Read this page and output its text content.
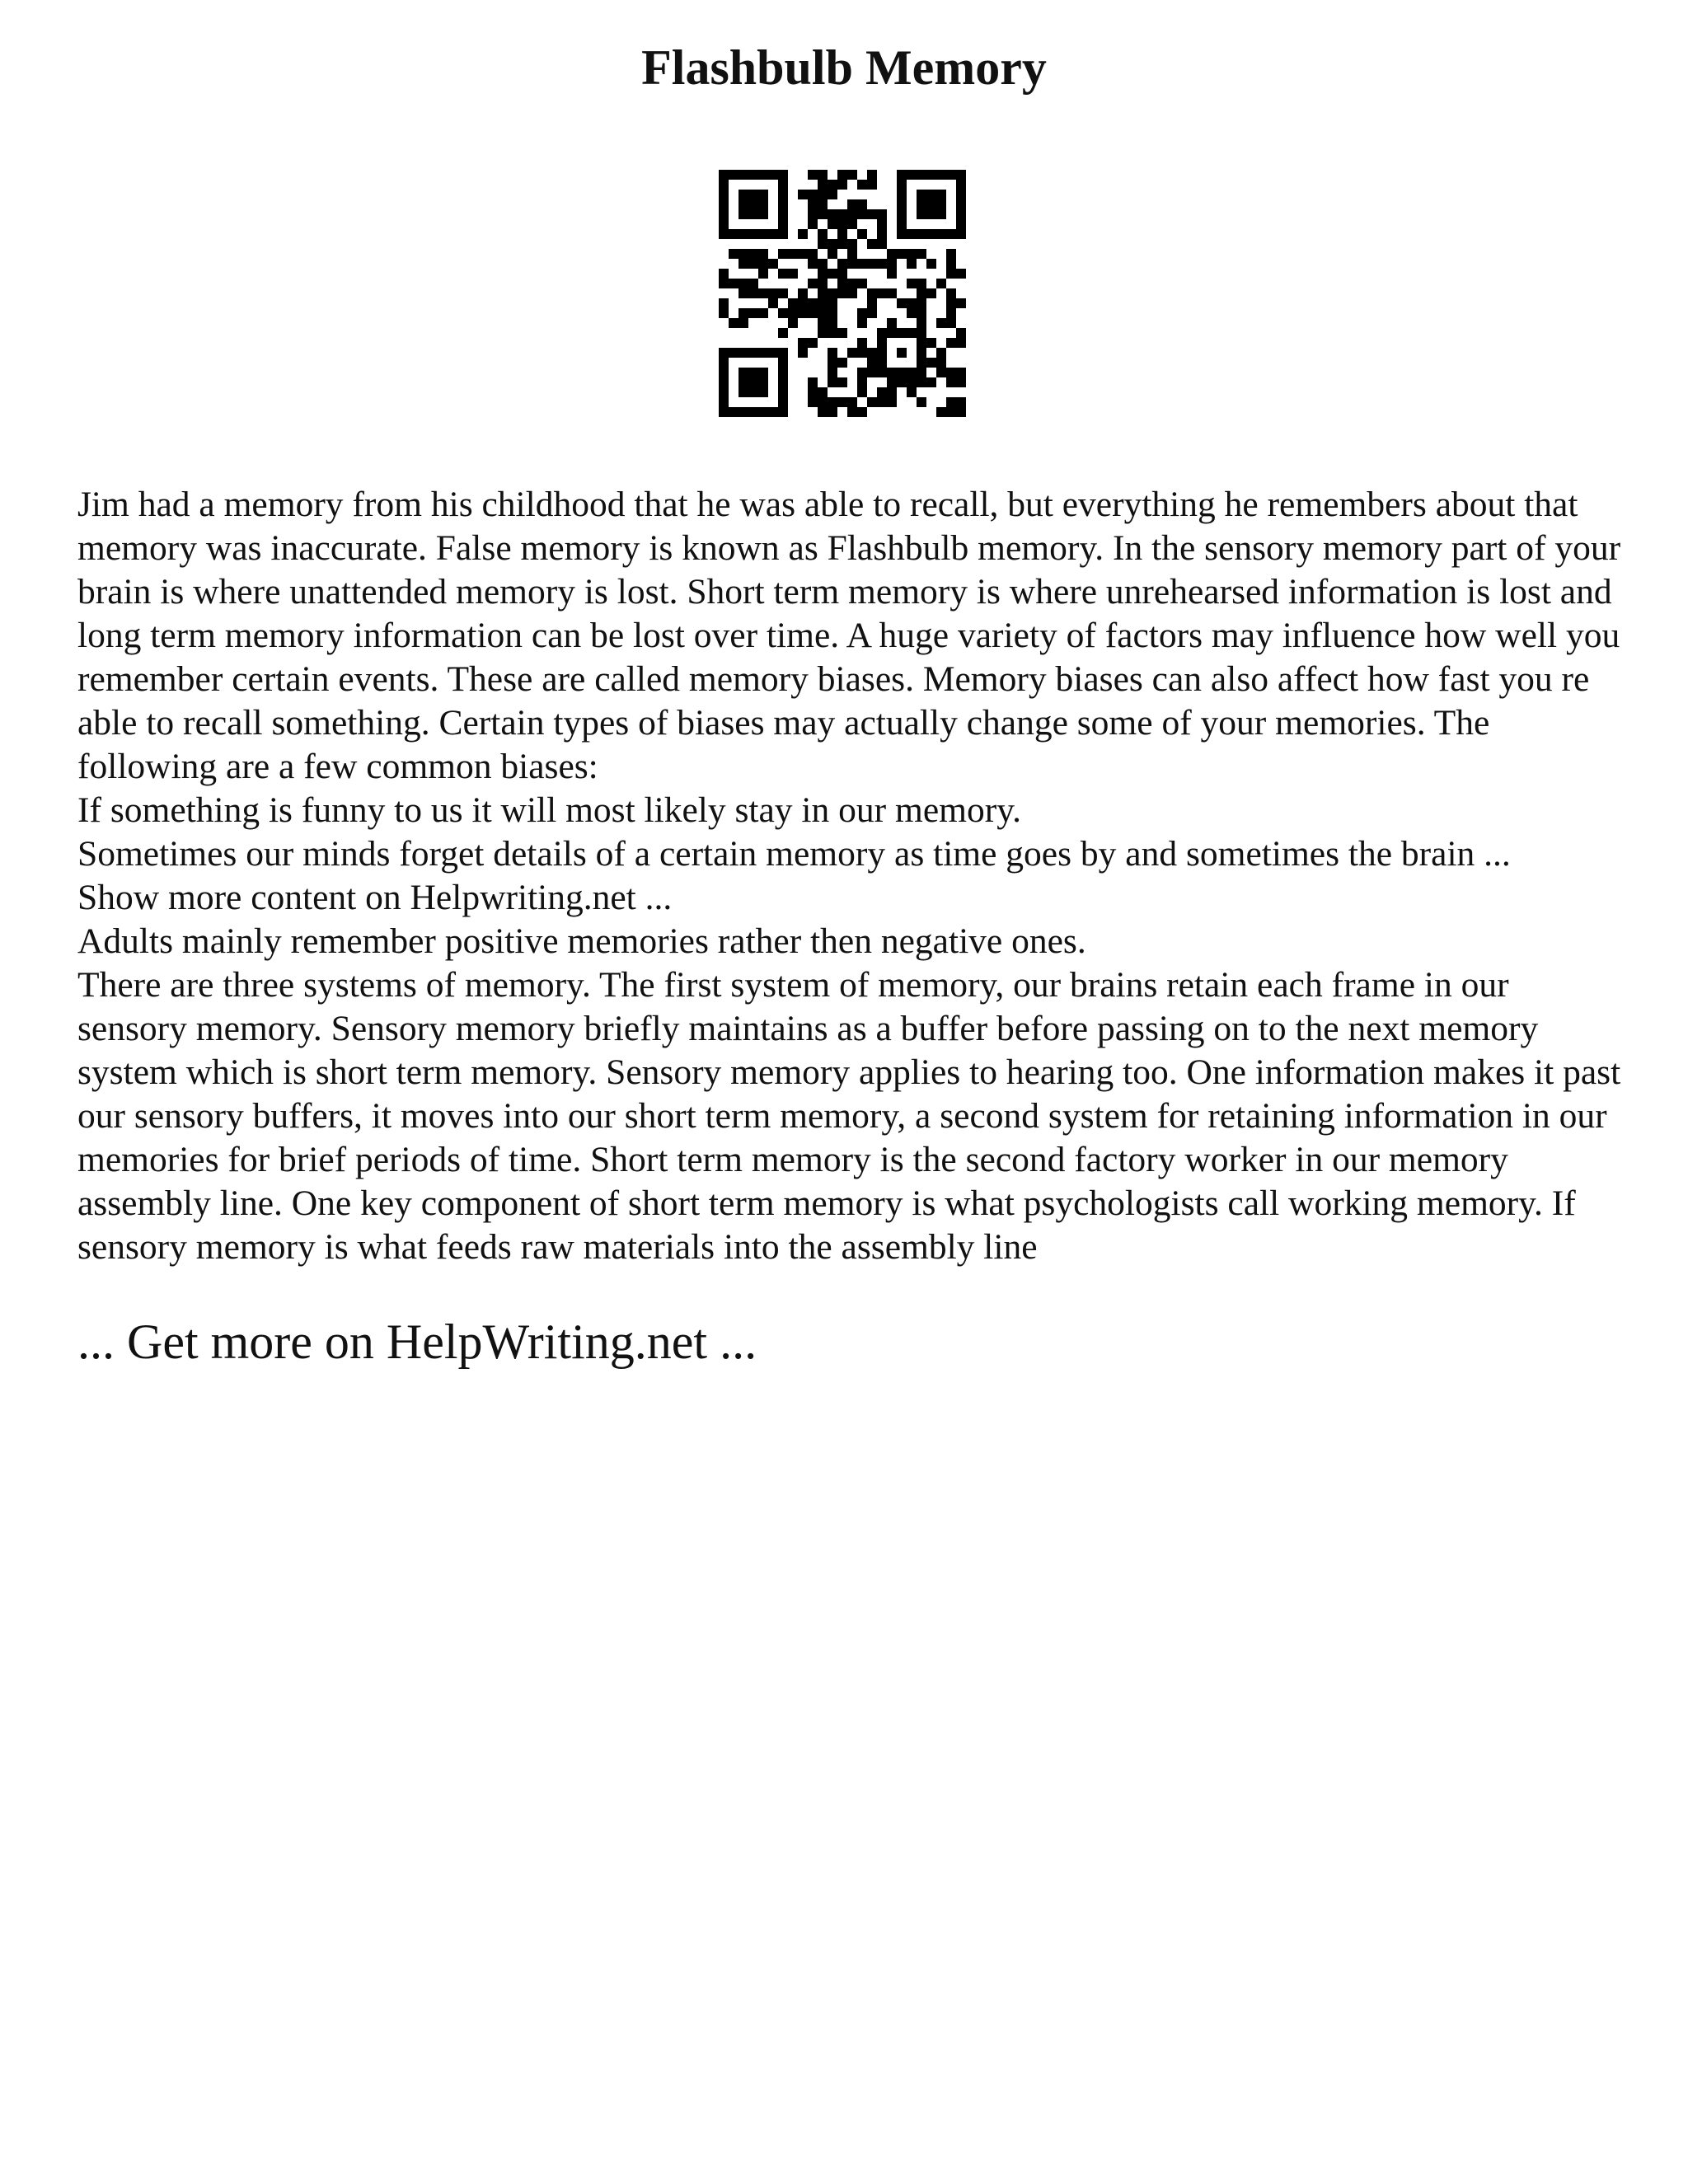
Flashbulb Memory

Jim had a memory from his childhood that he was able to recall, but everything he remembers about that memory was inaccurate. False memory is known as Flashbulb memory. In the sensory memory part of your brain is where unattended memory is lost. Short term memory is where unrehearsed information is lost and long term memory information can be lost over time. A huge variety of factors may influence how well you remember certain events. These are called memory biases. Memory biases can also affect how fast you re able to recall something. Certain types of biases may actually change some of your memories. The following are a few common biases:

If something is funny to us it will most likely stay in our memory.

Sometimes our minds forget details of a certain memory as time goes by and sometimes the brain ...

Show more content on Helpwriting.net ...

Adults mainly remember positive memories rather then negative ones.

There are three systems of memory. The first system of memory, our brains retain each frame in our sensory memory. Sensory memory briefly maintains as a buffer before passing on to the next memory system which is short term memory. Sensory memory applies to hearing too. One information makes it past our sensory buffers, it moves into our short term memory, a second system for retaining information in our memories for brief periods of time. Short term memory is the second factory worker in our memory assembly line. One key component of short term memory is what psychologists call working memory. If sensory memory is what feeds raw materials into the assembly line

... Get more on HelpWriting.net ...
